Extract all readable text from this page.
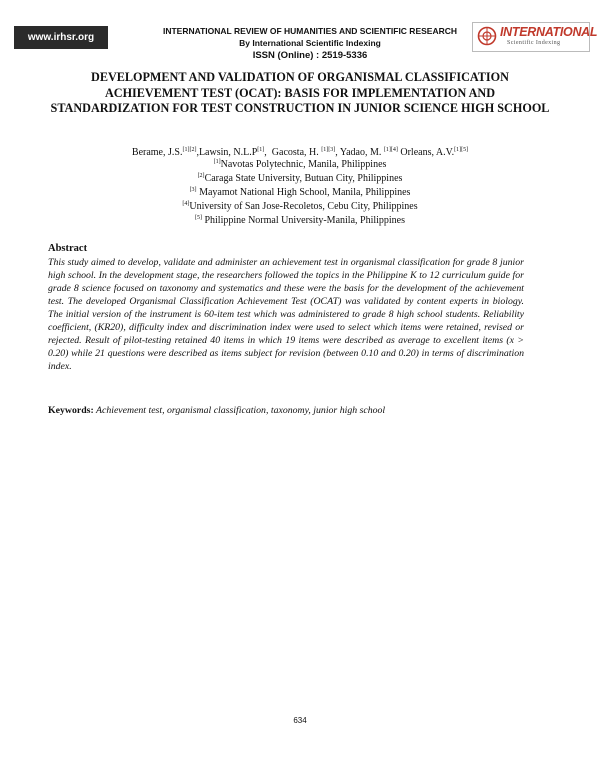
www.irhsr.org
INTERNATIONAL REVIEW OF HUMANITIES AND SCIENTIFIC RESEARCH
By International Scientific Indexing
ISSN (Online) : 2519-5336
INTERNATIONAL
Scientific Indexing
DEVELOPMENT AND VALIDATION OF ORGANISMAL CLASSIFICATION ACHIEVEMENT TEST (OCAT): BASIS FOR IMPLEMENTATION AND STANDARDIZATION FOR TEST CONSTRUCTION IN JUNIOR SCIENCE HIGH SCHOOL
Berame, J.S.[1][2],Lawsin, N.L.P[1],  Gacosta, H. [1][3], Yadao, M. [1][4] Orleans, A.V.[1][5]
[1]Navotas Polytechnic, Manila, Philippines
[2]Caraga State University, Butuan City, Philippines
[3] Mayamot National High School, Manila, Philippines
[4]University of San Jose-Recoletos, Cebu City, Philippines
[5] Philippine Normal University-Manila, Philippines
Abstract
This study aimed to develop, validate and administer an achievement test in organismal classification for grade 8 junior high school. In the development stage, the researchers followed the topics in the Philippine K to 12 curriculum guide for grade 8 science focused on taxonomy and systematics and these were the basis for the development of the achievement test. The developed Organismal Classification Achievement Test (OCAT) was validated by content experts in biology. The initial version of the instrument is 60-item test which was administered to grade 8 high school students. Reliability coefficient, (KR20), difficulty index and discrimination index were used to select which items were retained, revised or rejected. Result of pilot-testing retained 40 items in which 19 items were described as average to excellent items (x > 0.20) while 21 questions were described as items subject for revision (between 0.10 and 0.20) in terms of discrimination index.
Keywords: Achievement test, organismal classification, taxonomy, junior high school
634
